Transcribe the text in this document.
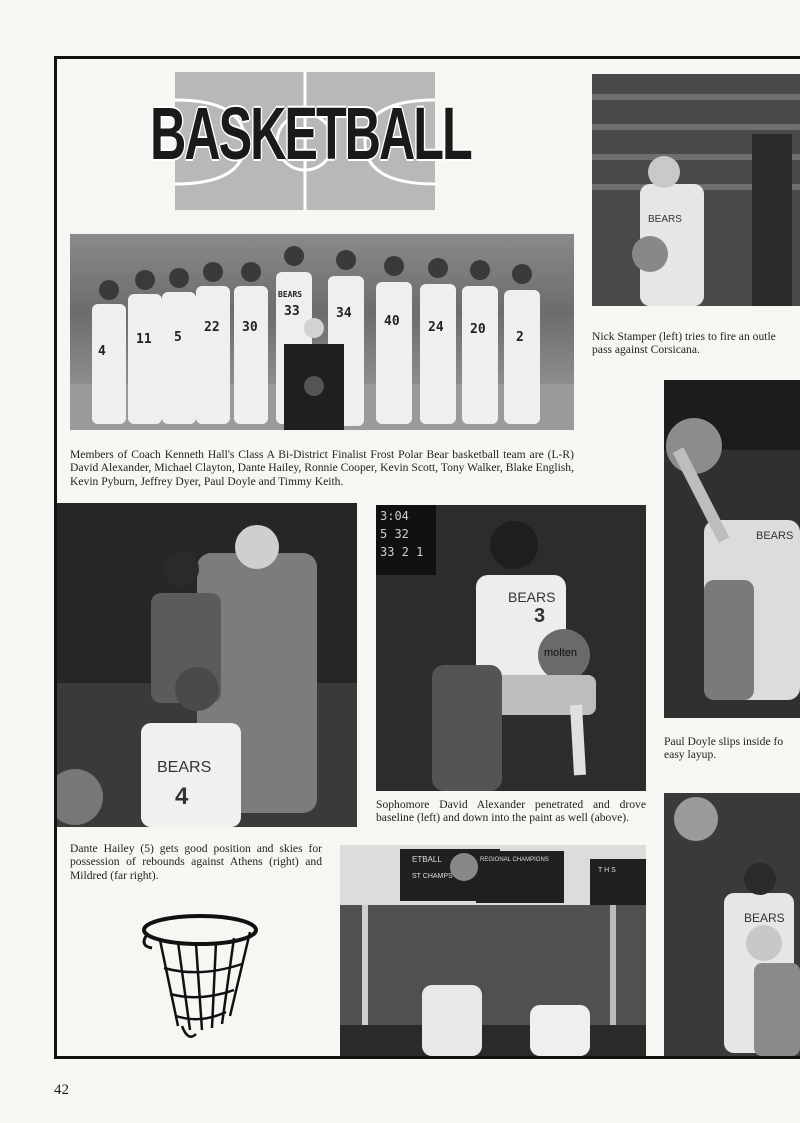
BASKETBALL
4
11 5
22 30
33	34
40 24 20
2
BEARS
Members of Coach Kenneth Hall's Class A Bi-District Finalist Frost Polar Bear basketball team are (L-R) David Alexander, Michael Clayton, Dante Hailey, Ronnie Cooper, Kevin Scott, Tony Walker, Blake English, Kevin Pyburn, Jeffrey Dyer, Paul Doyle and Timmy Keith.
BEARS
Nick Stamper (left) tries to fire an outle pass against Corsicana.
BEARS
Paul Doyle slips inside fo easy layup.
BEARS
4
Dante Hailey (5) gets good position and skies for possession of rebounds against Athens (right) and Mildred (far right).
3:04
5 32
33 2 1
BEARS
3
molten
Sophomore David Alexander penetrated and drove baseline (left) and down into the paint as well (above).
ETBALL
ST CHAMPS
REGIONAL CHAMPIONS
T H S
BEARS
42
